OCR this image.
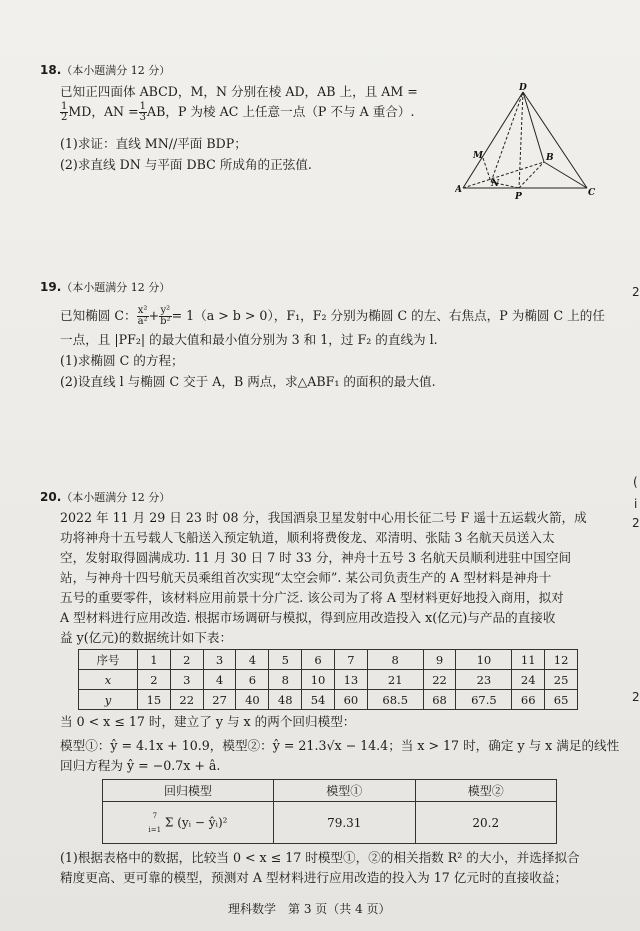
18.（本小题满分 12 分）
已知正四面体 ABCD，M，N 分别在棱 AD，AB 上，且 AM =
$\frac{1}{2}$ MD，AN = $\frac{1}{3}$ AB，P 为棱 AC 上任意一点（P 不与 A 重合）.
(1)求证：直线 MN//平面 BDP；
(2)求直线 DN 与平面 DBC 所成角的正弦值.
D
M
N
B
A
P	C
19.（本小题满分 12 分）
已知椭圆 C： $\frac{\text{x²}}{\text{a²}} + \frac{\text{y²}}{\text{b²}} = 1(a > b > 0)$，F₁，F₂ 分别为椭圆 C 的左、右焦点，P 为椭圆 C 上的任
一点，且 |PF₂| 的最大值和最小值分别为 3 和 1，过 F₂ 的直线为 l.
(1)求椭圆 C 的方程；
(2)设直线 l 与椭圆 C 交于 A，B 两点，求△ABF₁ 的面积的最大值.
20.（本小题满分 12 分）
2022 年 11 月 29 日 23 时 08 分，我国酒泉卫星发射中心用长征二号 F 遥十五运载火箭，成
功将神舟十五号载人飞船送入预定轨道，顺利将费俊龙、邓清明、张陆 3 名航天员送入太
空，发射取得圆满成功. 11 月 30 日 7 时 33 分，神舟十五号 3 名航天员顺利进驻中国空间
站，与神舟十四号航天员乘组首次实现“太空会师”. 某公司负责生产的 A 型材料是神舟十
五号的重要零件，该材料应用前景十分广泛. 该公司为了将 A 型材料更好地投入商用，拟对
A 型材料进行应用改造. 根据市场调研与模拟，得到应用改造投入 x(亿元)与产品的直接收
益 y(亿元)的数据统计如下表：
序号	1	2	3	4	5	6	7	8	9	10	11	12
x	2	3	4	6	8	10	13	21	22	23	24	25
y	15	22	27	40	48	54	60	68.5	68	67.5	66	65
当 0 < x ≤ 17 时，建立了 y 与 x 的两个回归模型：
模型①：ŷ = 4.1x + 10.9，模型②：ŷ = 21.3√x − 14.4；当 x > 17 时，确定 y 与 x 满足的线性
回归方程为 ŷ = −0.7x + â.
回归模型	模型①	模型②

7
i=1
Σ (yᵢ − ŷᵢ)²	79.31	20.2
(1)根据表格中的数据，比较当 0 < x ≤ 17 时模型①，②的相关指数 R² 的大小，并选择拟合
精度更高、更可靠的模型，预测对 A 型材料进行应用改造的投入为 17 亿元时的直接收益；
理科数学　第 3 页（共 4 页）
2
(
i
2
2
